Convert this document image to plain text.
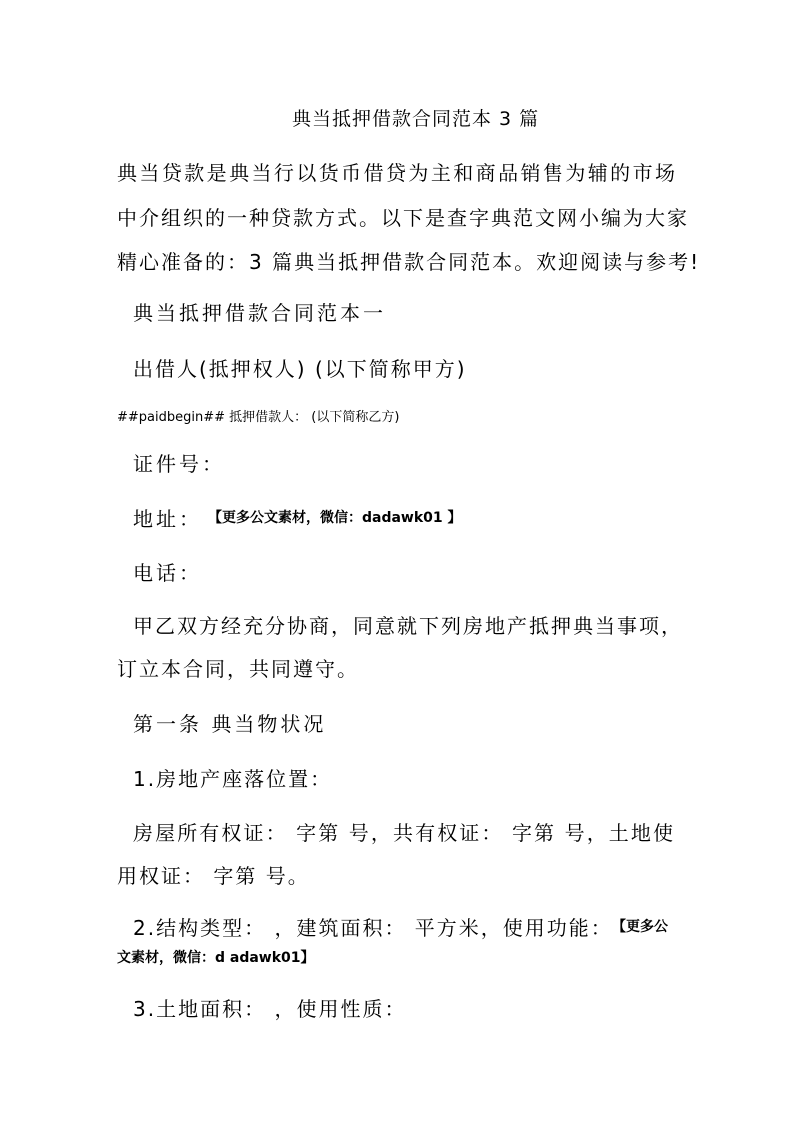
典当抵押借款合同范本 3 篇
典当贷款是典当行以货币借贷为主和商品销售为辅的市场
中介组织的一种贷款方式。以下是查字典范文网小编为大家
精心准备的：3 篇典当抵押借款合同范本。欢迎阅读与参考!
典当抵押借款合同范本一
出借人(抵押权人) (以下简称甲方)
##paidbegin## 抵押借款人： (以下简称乙方)
证件号：
地址： 【更多公文素材，微信：dadawk01 】
电话：
甲乙双方经充分协商，同意就下列房地产抵押典当事项，
订立本合同，共同遵守。
第一条 典当物状况
1.房地产座落位置：
房屋所有权证： 字第 号，共有权证： 字第 号，土地使
用权证： 字第 号。
2.结构类型： ，建筑面积： 平方米，使用功能： 【更多公
文素材，微信：d adawk01】
3.土地面积： ，使用性质：
